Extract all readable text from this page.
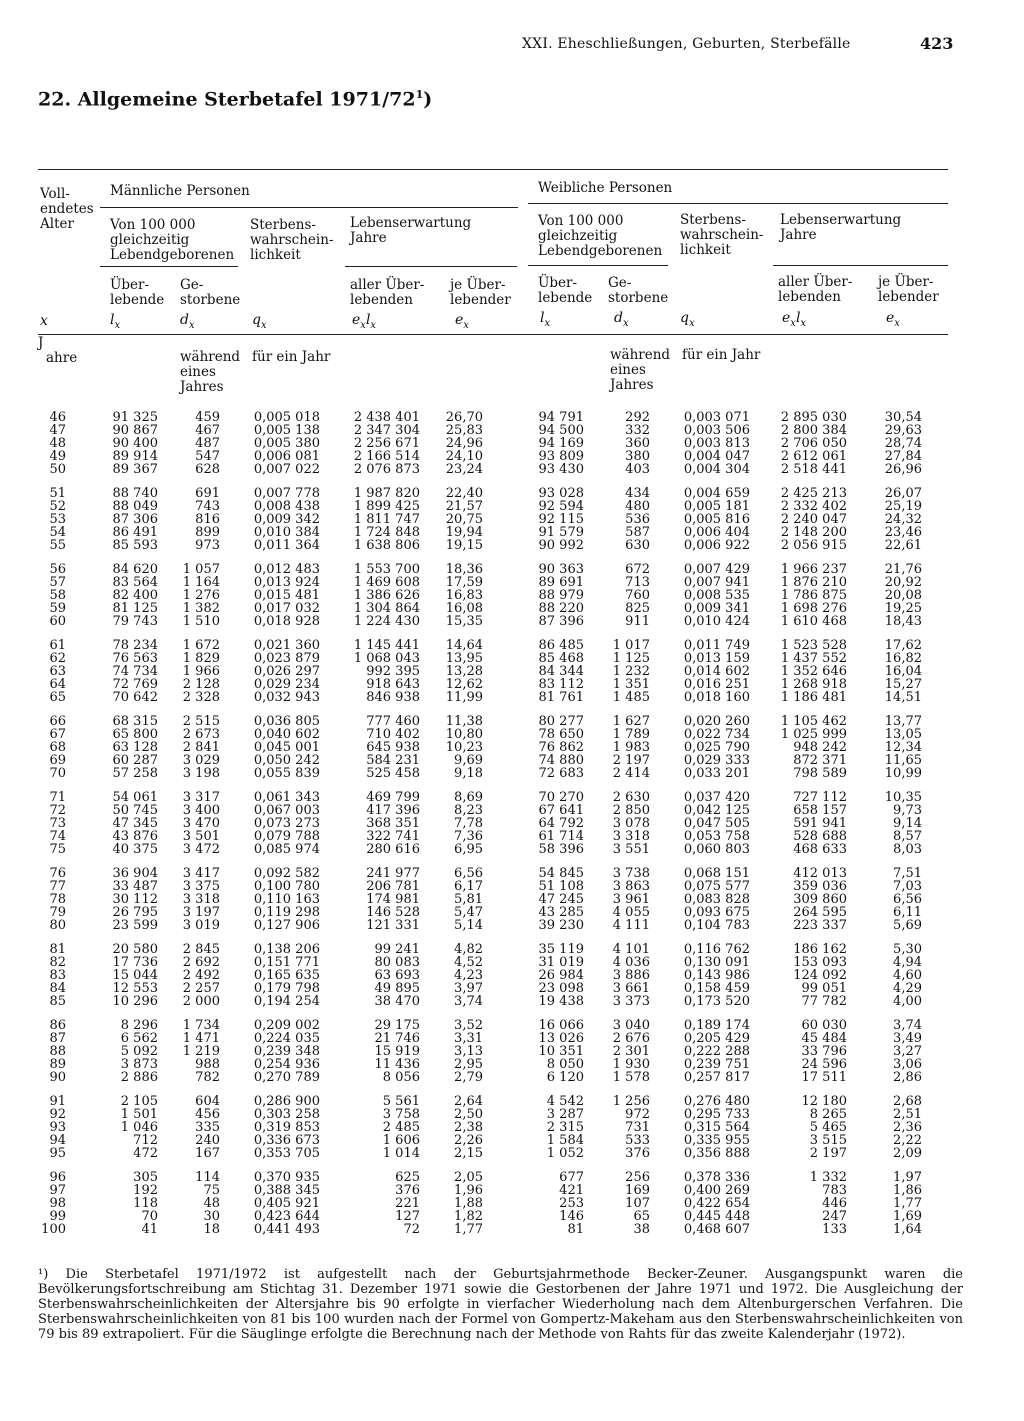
XXI. Eheschließungen, Geburten, Sterbefälle	423
22. Allgemeine Sterbetafel $1971/72^1$)
Voll-
endetes
Alter
Männliche Personen	Weibliche Personen
Von 100 000
gleichzeitig
Lebendgeborenen
Sterbens-
wahrschein-
lichkeit
Lebenserwartung
Jahre
Von 100 000
gleichzeitig
Lebendgeborenen
Sterbens-
wahrschein-
lichkeit
Lebenserwartung
Jahre
Über-
lebende
Ge-
storbene
aller Über-
lebenden
je Über-
lebender
Über-
lebende
Ge-
storbene
aller Über-
lebenden
je Über-
lebender
x	$l_x$	$d_x$	$q_x$	$e_xl_x$	$e_x$	$l_x$	$d_x$	$q_x$	$e_xl_x$	$e_x$
J
ahre	während
eines
Jahres
für ein Jahr	während
eines
Jahres
für ein Jahr
46	91 325	459	0,005 018	2 438 401	26,70	94 791	292	0,003 071	2 895 030	30,54
47	90 867	467	0,005 138	2 347 304	25,83	94 500	332	0,003 506	2 800 384	29,63
48	90 400	487	0,005 380	2 256 671	24,96	94 169	360	0,003 813	2 706 050	28,74
49	89 914	547	0,006 081	2 166 514	24,10	93 809	380	0,004 047	2 612 061	27,84
50	89 367	628	0,007 022	2 076 873	23,24	93 430	403	0,004 304	2 518 441	26,96
51	88 740	691	0,007 778	1 987 820	22,40	93 028	434	0,004 659	2 425 213	26,07
52	88 049	743	0,008 438	1 899 425	21,57	92 594	480	0,005 181	2 332 402	25,19
53	87 306	816	0,009 342	1 811 747	20,75	92 115	536	0,005 816	2 240 047	24,32
54	86 491	899	0,010 384	1 724 848	19,94	91 579	587	0,006 404	2 148 200	23,46
55	85 593	973	0,011 364	1 638 806	19,15	90 992	630	0,006 922	2 056 915	22,61
56	84 620	1 057	0,012 483	1 553 700	18,36	90 363	672	0,007 429	1 966 237	21,76
57	83 564	1 164	0,013 924	1 469 608	17,59	89 691	713	0,007 941	1 876 210	20,92
58	82 400	1 276	0,015 481	1 386 626	16,83	88 979	760	0,008 535	1 786 875	20,08
59	81 125	1 382	0,017 032	1 304 864	16,08	88 220	825	0,009 341	1 698 276	19,25
60	79 743	1 510	0,018 928	1 224 430	15,35	87 396	911	0,010 424	1 610 468	18,43
61	78 234	1 672	0,021 360	1 145 441	14,64	86 485	1 017	0,011 749	1 523 528	17,62
62	76 563	1 829	0,023 879	1 068 043	13,95	85 468	1 125	0,013 159	1 437 552	16,82
63	74 734	1 966	0,026 297	992 395	13,28	84 344	1 232	0,014 602	1 352 646	16,04
64	72 769	2 128	0,029 234	918 643	12,62	83 112	1 351	0,016 251	1 268 918	15,27
65	70 642	2 328	0,032 943	846 938	11,99	81 761	1 485	0,018 160	1 186 481	14,51
66	68 315	2 515	0,036 805	777 460	11,38	80 277	1 627	0,020 260	1 105 462	13,77
67	65 800	2 673	0,040 602	710 402	10,80	78 650	1 789	0,022 734	1 025 999	13,05
68	63 128	2 841	0,045 001	645 938	10,23	76 862	1 983	0,025 790	948 242	12,34
69	60 287	3 029	0,050 242	584 231	9,69	74 880	2 197	0,029 333	872 371	11,65
70	57 258	3 198	0,055 839	525 458	9,18	72 683	2 414	0,033 201	798 589	10,99
71	54 061	3 317	0,061 343	469 799	8,69	70 270	2 630	0,037 420	727 112	10,35
72	50 745	3 400	0,067 003	417 396	8,23	67 641	2 850	0,042 125	658 157	9,73
73	47 345	3 470	0,073 273	368 351	7,78	64 792	3 078	0,047 505	591 941	9,14
74	43 876	3 501	0,079 788	322 741	7,36	61 714	3 318	0,053 758	528 688	8,57
75	40 375	3 472	0,085 974	280 616	6,95	58 396	3 551	0,060 803	468 633	8,03
76	36 904	3 417	0,092 582	241 977	6,56	54 845	3 738	0,068 151	412 013	7,51
77	33 487	3 375	0,100 780	206 781	6,17	51 108	3 863	0,075 577	359 036	7,03
78	30 112	3 318	0,110 163	174 981	5,81	47 245	3 961	0,083 828	309 860	6,56
79	26 795	3 197	0,119 298	146 528	5,47	43 285	4 055	0,093 675	264 595	6,11
80	23 599	3 019	0,127 906	121 331	5,14	39 230	4 111	0,104 783	223 337	5,69
81	20 580	2 845	0,138 206	99 241	4,82	35 119	4 101	0,116 762	186 162	5,30
82	17 736	2 692	0,151 771	80 083	4,52	31 019	4 036	0,130 091	153 093	4,94
83	15 044	2 492	0,165 635	63 693	4,23	26 984	3 886	0,143 986	124 092	4,60
84	12 553	2 257	0,179 798	49 895	3,97	23 098	3 661	0,158 459	99 051	4,29
85	10 296	2 000	0,194 254	38 470	3,74	19 438	3 373	0,173 520	77 782	4,00
86	8 296	1 734	0,209 002	29 175	3,52	16 066	3 040	0,189 174	60 030	3,74
87	6 562	1 471	0,224 035	21 746	3,31	13 026	2 676	0,205 429	45 484	3,49
88	5 092	1 219	0,239 348	15 919	3,13	10 351	2 301	0,222 288	33 796	3,27
89	3 873	988	0,254 936	11 436	2,95	8 050	1 930	0,239 751	24 596	3,06
90	2 886	782	0,270 789	8 056	2,79	6 120	1 578	0,257 817	17 511	2,86
91	2 105	604	0,286 900	5 561	2,64	4 542	1 256	0,276 480	12 180	2,68
92	1 501	456	0,303 258	3 758	2,50	3 287	972	0,295 733	8 265	2,51
93	1 046	335	0,319 853	2 485	2,38	2 315	731	0,315 564	5 465	2,36
94	712	240	0,336 673	1 606	2,26	1 584	533	0,335 955	3 515	2,22
95	472	167	0,353 705	1 014	2,15	1 052	376	0,356 888	2 197	2,09
96	305	114	0,370 935	625	2,05	677	256	0,378 336	1 332	1,97
97	192	75	0,388 345	376	1,96	421	169	0,400 269	783	1,86
98	118	48	0,405 921	221	1,88	253	107	0,422 654	446	1,77
99	70	30	0,423 644	127	1,82	146	65	0,445 448	247	1,69
100	41	18	0,441 493	72	1,77	81	38	0,468 607	133	1,64
¹) Die Sterbetafel 1971/1972 ist aufgestellt nach der Geburtsjahrmethode Becker-Zeuner. Ausgangspunkt waren die Bevölkerungsfortschreibung am Stichtag 31. Dezember 1971 sowie die Gestorbenen der Jahre 1971 und 1972. Die Ausgleichung der Sterbenswahrscheinlichkeiten der Altersjahre bis 90 erfolgte in vierfacher Wiederholung nach dem Altenburgerschen Verfahren. Die Sterbenswahrscheinlichkeiten von 81 bis 100 wurden nach der Formel von Gompertz-Makeham aus den Sterbenswahrscheinlichkeiten von 79 bis 89 extrapoliert. Für die Säuglinge erfolgte die Berechnung nach der Methode von Rahts für das zweite Kalenderjahr (1972).
